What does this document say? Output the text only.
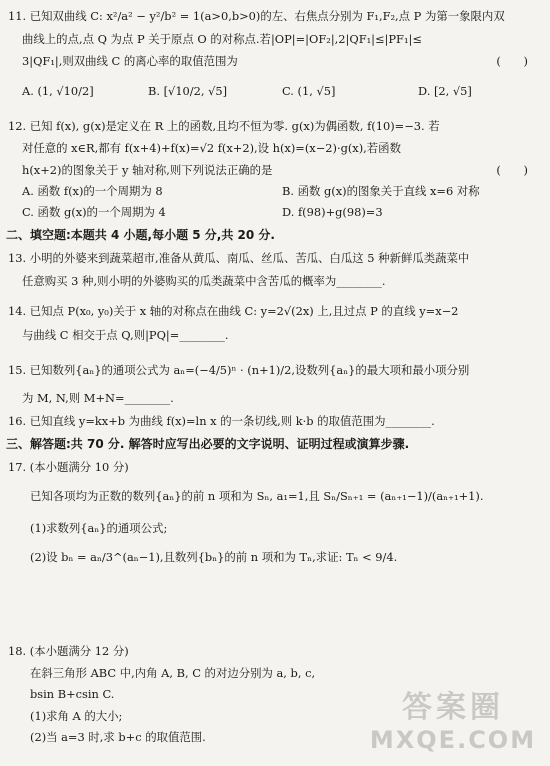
11. 已知双曲线 C: x²/a² − y²/b² = 1(a>0,b>0)的左、右焦点分别为 F₁,F₂,点 P 为第一象限内双
曲线上的点,点 Q 为点 P 关于原点 O 的对称点.若|OP|=|OF₂|,2|QF₁|≤|PF₁|≤
3|QF₁|,则双曲线 C 的离心率的取值范围为	(　　)
A. (1, √10/2]	B. [√10/2, √5]	C. (1, √5]	D. [2, √5]
12. 已知 f(x), g(x)是定义在 R 上的函数,且均不恒为零. g(x)为偶函数, f(10)=−3. 若
对任意的 x∈R,都有 f(x+4)+f(x)=√2 f(x+2),设 h(x)=(x−2)·g(x),若函数
h(x+2)的图象关于 y 轴对称,则下列说法正确的是	(　　)
A. 函数 f(x)的一个周期为 8	B. 函数 g(x)的图象关于直线 x=6 对称
C. 函数 g(x)的一个周期为 4	D. f(98)+g(98)=3
二、填空题:本题共 4 小题,每小题 5 分,共 20 分.
13. 小明的外婆来到蔬菜超市,准备从黄瓜、南瓜、丝瓜、苦瓜、白瓜这 5 种新鲜瓜类蔬菜中
任意购买 3 种,则小明的外婆购买的瓜类蔬菜中含苦瓜的概率为________.
14. 已知点 P(x₀, y₀)关于 x 轴的对称点在曲线 C: y=2√(2x) 上,且过点 P 的直线 y=x−2
与曲线 C 相交于点 Q,则|PQ|=________.
15. 已知数列{aₙ}的通项公式为 aₙ=(−4/5)ⁿ · (n+1)/2,设数列{aₙ}的最大项和最小项分别
为 M, N,则 M+N=________.
16. 已知直线 y=kx+b 为曲线 f(x)=ln x 的一条切线,则 k·b 的取值范围为________.
三、解答题:共 70 分. 解答时应写出必要的文字说明、证明过程或演算步骤.
17. (本小题满分 10 分)
已知各项均为正数的数列{aₙ}的前 n 项和为 Sₙ, a₁=1,且 Sₙ/Sₙ₊₁ = (aₙ₊₁−1)/(aₙ₊₁+1).
(1)求数列{aₙ}的通项公式;
(2)设 bₙ = aₙ/3^(aₙ−1),且数列{bₙ}的前 n 项和为 Tₙ,求证: Tₙ < 9/4.
18. (本小题满分 12 分)
在斜三角形 ABC 中,内角 A, B, C 的对边分别为 a, b, c,
bsin B+csin C.
(1)求角 A 的大小;
(2)当 a=3 时,求 b+c 的取值范围.
答案圈
MXQE.COM
